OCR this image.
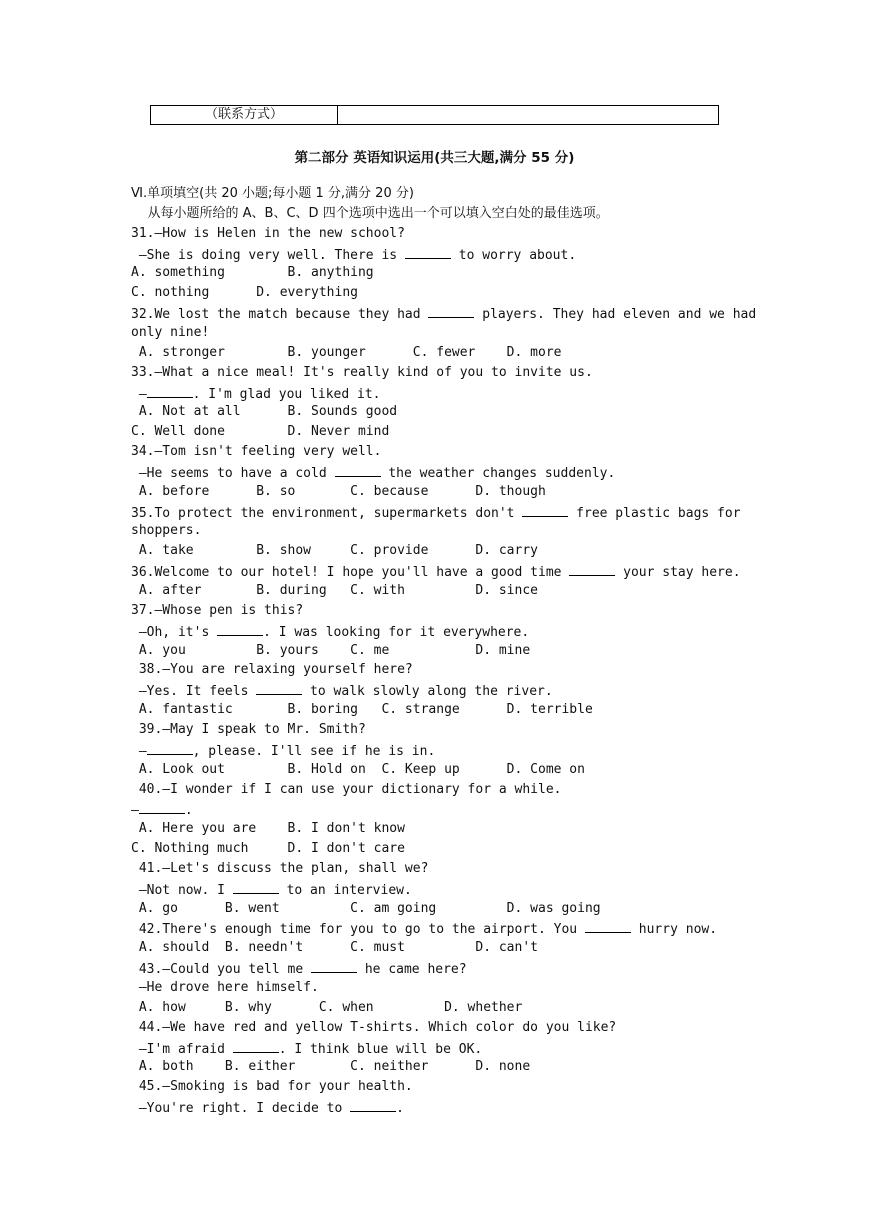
（联系方式）
第二部分 英语知识运用(共三大题,满分 55 分)
Ⅵ.单项填空(共 20 小题;每小题 1 分,满分 20 分)
从每小题所给的 A、B、C、D 四个选项中选出一个可以填入空白处的最佳选项。
31.—How is Helen in the new school?
—She is doing very well. There is	to worry about.
A. something        B. anything
C. nothing      D. everything
32.We lost the match because they had	players. They had eleven and we had
only nine!
A. stronger        B. younger      C. fewer    D. more
33.—What a nice meal! It's really kind of you to invite us.
—	. I'm glad you liked it.
A. Not at all      B. Sounds good
C. Well done        D. Never mind
34.—Tom isn't feeling very well.
—He seems to have a cold	the weather changes suddenly.
A. before      B. so       C. because      D. though
35.To protect the environment, supermarkets don't	free plastic bags for
shoppers.
A. take        B. show     C. provide      D. carry
36.Welcome to our hotel! I hope you'll have a good time	your stay here.
A. after       B. during   C. with         D. since
37.—Whose pen is this?
—Oh, it's	. I was looking for it everywhere.
A. you         B. yours    C. me           D. mine
38.—You are relaxing yourself here?
—Yes. It feels	to walk slowly along the river.
A. fantastic       B. boring   C. strange      D. terrible
39.—May I speak to Mr. Smith?
—	, please. I'll see if he is in.
A. Look out        B. Hold on  C. Keep up      D. Come on
40.—I wonder if I can use your dictionary for a while.
—	.
A. Here you are    B. I don't know
C. Nothing much     D. I don't care
41.—Let's discuss the plan, shall we?
—Not now. I	to an interview.
A. go      B. went         C. am going         D. was going
42.There's enough time for you to go to the airport. You	hurry now.
A. should  B. needn't      C. must         D. can't
43.—Could you tell me	he came here?
—He drove here himself.
A. how     B. why      C. when         D. whether
44.—We have red and yellow T-shirts. Which color do you like?
—I'm afraid	. I think blue will be OK.
A. both    B. either       C. neither      D. none
45.—Smoking is bad for your health.
—You're right. I decide to	.
